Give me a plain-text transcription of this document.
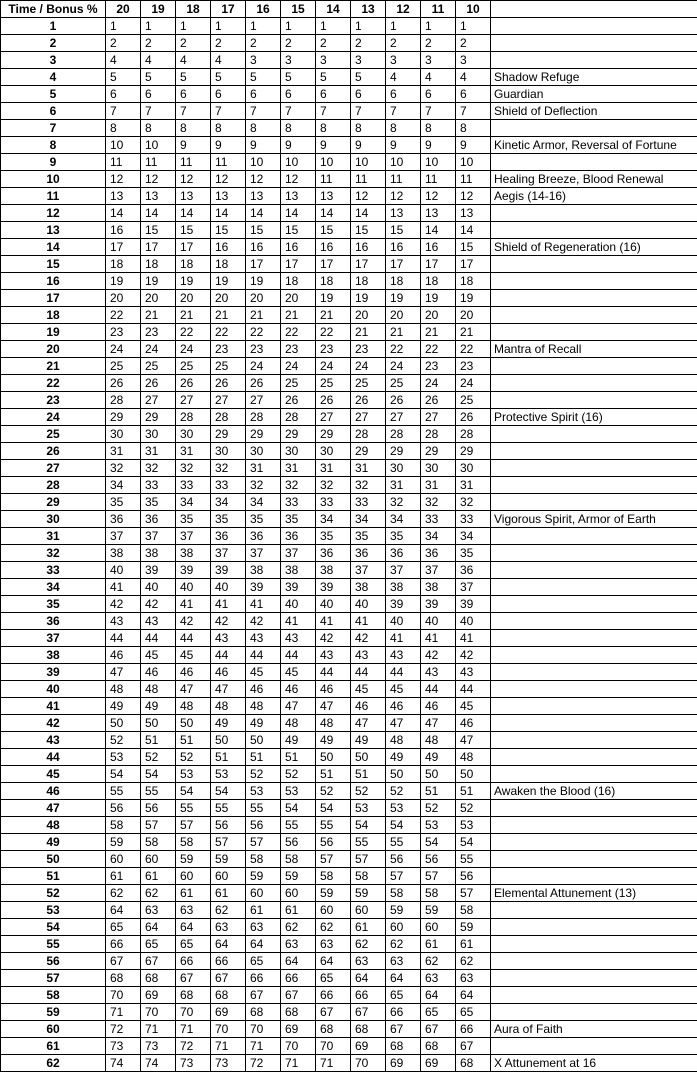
Time / Bonus %	20	19	18	17	16	15	14	13	12	11	10	
1	1	1	1	1	1	1	1	1	1	1	1	
2	2	2	2	2	2	2	2	2	2	2	2	
3	4	4	4	4	3	3	3	3	3	3	3	
4	5	5	5	5	5	5	5	5	4	4	4	Shadow Refuge
5	6	6	6	6	6	6	6	6	6	6	6	Guardian
6	7	7	7	7	7	7	7	7	7	7	7	Shield of Deflection
7	8	8	8	8	8	8	8	8	8	8	8	
8	10	10	9	9	9	9	9	9	9	9	9	Kinetic Armor, Reversal of Fortune
9	11	11	11	11	10	10	10	10	10	10	10	
10	12	12	12	12	12	12	11	11	11	11	11	Healing Breeze, Blood Renewal
11	13	13	13	13	13	13	13	12	12	12	12	Aegis (14-16)
12	14	14	14	14	14	14	14	14	13	13	13	
13	16	15	15	15	15	15	15	15	15	14	14	
14	17	17	17	16	16	16	16	16	16	16	15	Shield of Regeneration (16)
15	18	18	18	18	17	17	17	17	17	17	17	
16	19	19	19	19	19	18	18	18	18	18	18	
17	20	20	20	20	20	20	19	19	19	19	19	
18	22	21	21	21	21	21	21	20	20	20	20	
19	23	23	22	22	22	22	22	21	21	21	21	
20	24	24	24	23	23	23	23	23	22	22	22	Mantra of Recall
21	25	25	25	25	24	24	24	24	24	23	23	
22	26	26	26	26	26	25	25	25	25	24	24	
23	28	27	27	27	27	26	26	26	26	26	25	
24	29	29	28	28	28	28	27	27	27	27	26	Protective Spirit (16)
25	30	30	30	29	29	29	29	28	28	28	28	
26	31	31	31	30	30	30	30	29	29	29	29	
27	32	32	32	32	31	31	31	31	30	30	30	
28	34	33	33	33	32	32	32	32	31	31	31	
29	35	35	34	34	34	33	33	33	32	32	32	
30	36	36	35	35	35	35	34	34	34	33	33	Vigorous Spirit, Armor of Earth
31	37	37	37	36	36	36	35	35	35	34	34	
32	38	38	38	37	37	37	36	36	36	36	35	
33	40	39	39	39	38	38	38	37	37	37	36	
34	41	40	40	40	39	39	39	38	38	38	37	
35	42	42	41	41	41	40	40	40	39	39	39	
36	43	43	42	42	42	41	41	41	40	40	40	
37	44	44	44	43	43	43	42	42	41	41	41	
38	46	45	45	44	44	44	43	43	43	42	42	
39	47	46	46	46	45	45	44	44	44	43	43	
40	48	48	47	47	46	46	46	45	45	44	44	
41	49	49	48	48	48	47	47	46	46	46	45	
42	50	50	50	49	49	48	48	47	47	47	46	
43	52	51	51	50	50	49	49	49	48	48	47	
44	53	52	52	51	51	51	50	50	49	49	48	
45	54	54	53	53	52	52	51	51	50	50	50	
46	55	55	54	54	53	53	52	52	52	51	51	Awaken the Blood (16)
47	56	56	55	55	55	54	54	53	53	52	52	
48	58	57	57	56	56	55	55	54	54	53	53	
49	59	58	58	57	57	56	56	55	55	54	54	
50	60	60	59	59	58	58	57	57	56	56	55	
51	61	61	60	60	59	59	58	58	57	57	56	
52	62	62	61	61	60	60	59	59	58	58	57	Elemental Attunement (13)
53	64	63	63	62	61	61	60	60	59	59	58	
54	65	64	64	63	63	62	62	61	60	60	59	
55	66	65	65	64	64	63	63	62	62	61	61	
56	67	67	66	66	65	64	64	63	63	62	62	
57	68	68	67	67	66	66	65	64	64	63	63	
58	70	69	68	68	67	67	66	66	65	64	64	
59	71	70	70	69	68	68	67	67	66	65	65	
60	72	71	71	70	70	69	68	68	67	67	66	Aura of Faith
61	73	73	72	71	71	70	70	69	68	68	67	
62	74	74	73	73	72	71	71	70	69	69	68	X Attunement at 16
